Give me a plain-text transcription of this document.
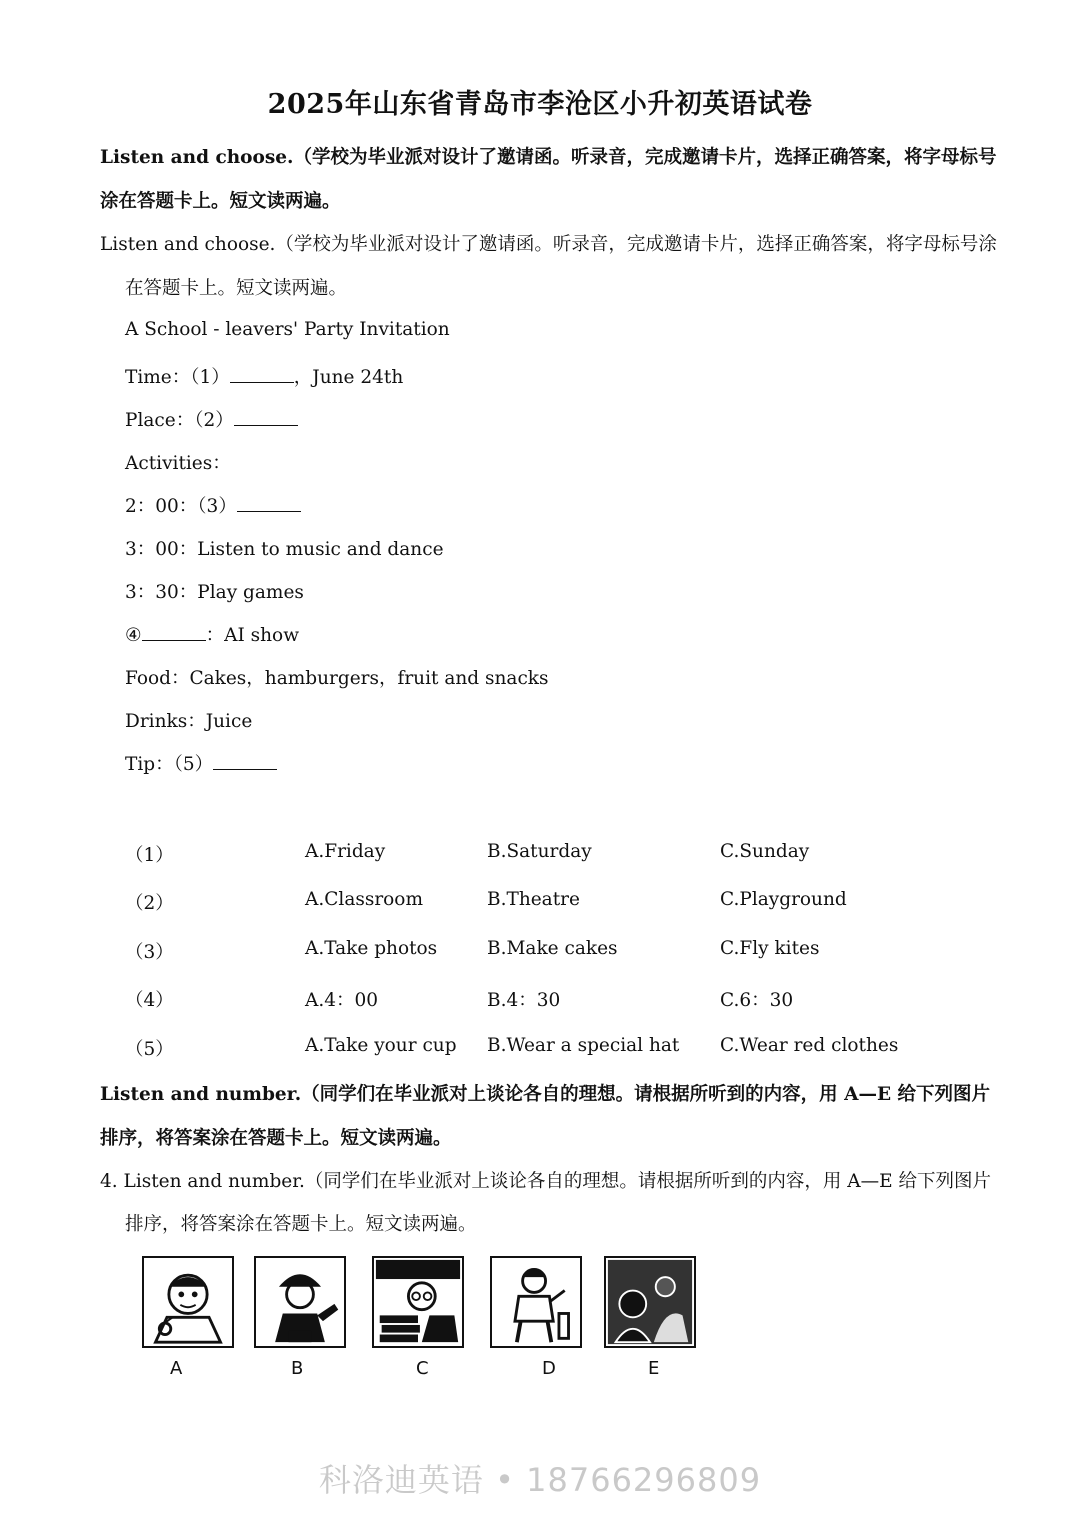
2025年山东省青岛市李沧区小升初英语试卷
Listen and choose.（学校为毕业派对设计了邀请函。听录音，完成邀请卡片，选择正确答案，将字母标号
涂在答题卡上。短文读两遍。
Listen and choose.（学校为毕业派对设计了邀请函。听录音，完成邀请卡片，选择正确答案，将字母标号涂
在答题卡上。短文读两遍。
A School - leavers' Party Invitation
Time：（1）	，June 24th
Place：（2）
Activities：
2：00：（3）
3：00：Listen to music and dance
3：30：Play games
④	：AI show
Food：Cakes，hamburgers，fruit and snacks
Drinks：Juice
Tip：（5）
（1）	A.Friday	B.Saturday	C.Sunday
（2）	A.Classroom	B.Theatre	C.Playground
（3）	A.Take photos	B.Make cakes	C.Fly kites
（4）	A.4：00	B.4：30	C.6：30
（5）	A.Take your cup B.Wear a special hat C.Wear red clothes
Listen and number.（同学们在毕业派对上谈论各自的理想。请根据所听到的内容，用 A—E 给下列图片
排序，将答案涂在答题卡上。短文读两遍。
4. Listen and number.（同学们在毕业派对上谈论各自的理想。请根据所听到的内容，用 A—E 给下列图片
排序，将答案涂在答题卡上。短文读两遍。
A	B	C	D	E
科洛迪英语 • 18766296809
